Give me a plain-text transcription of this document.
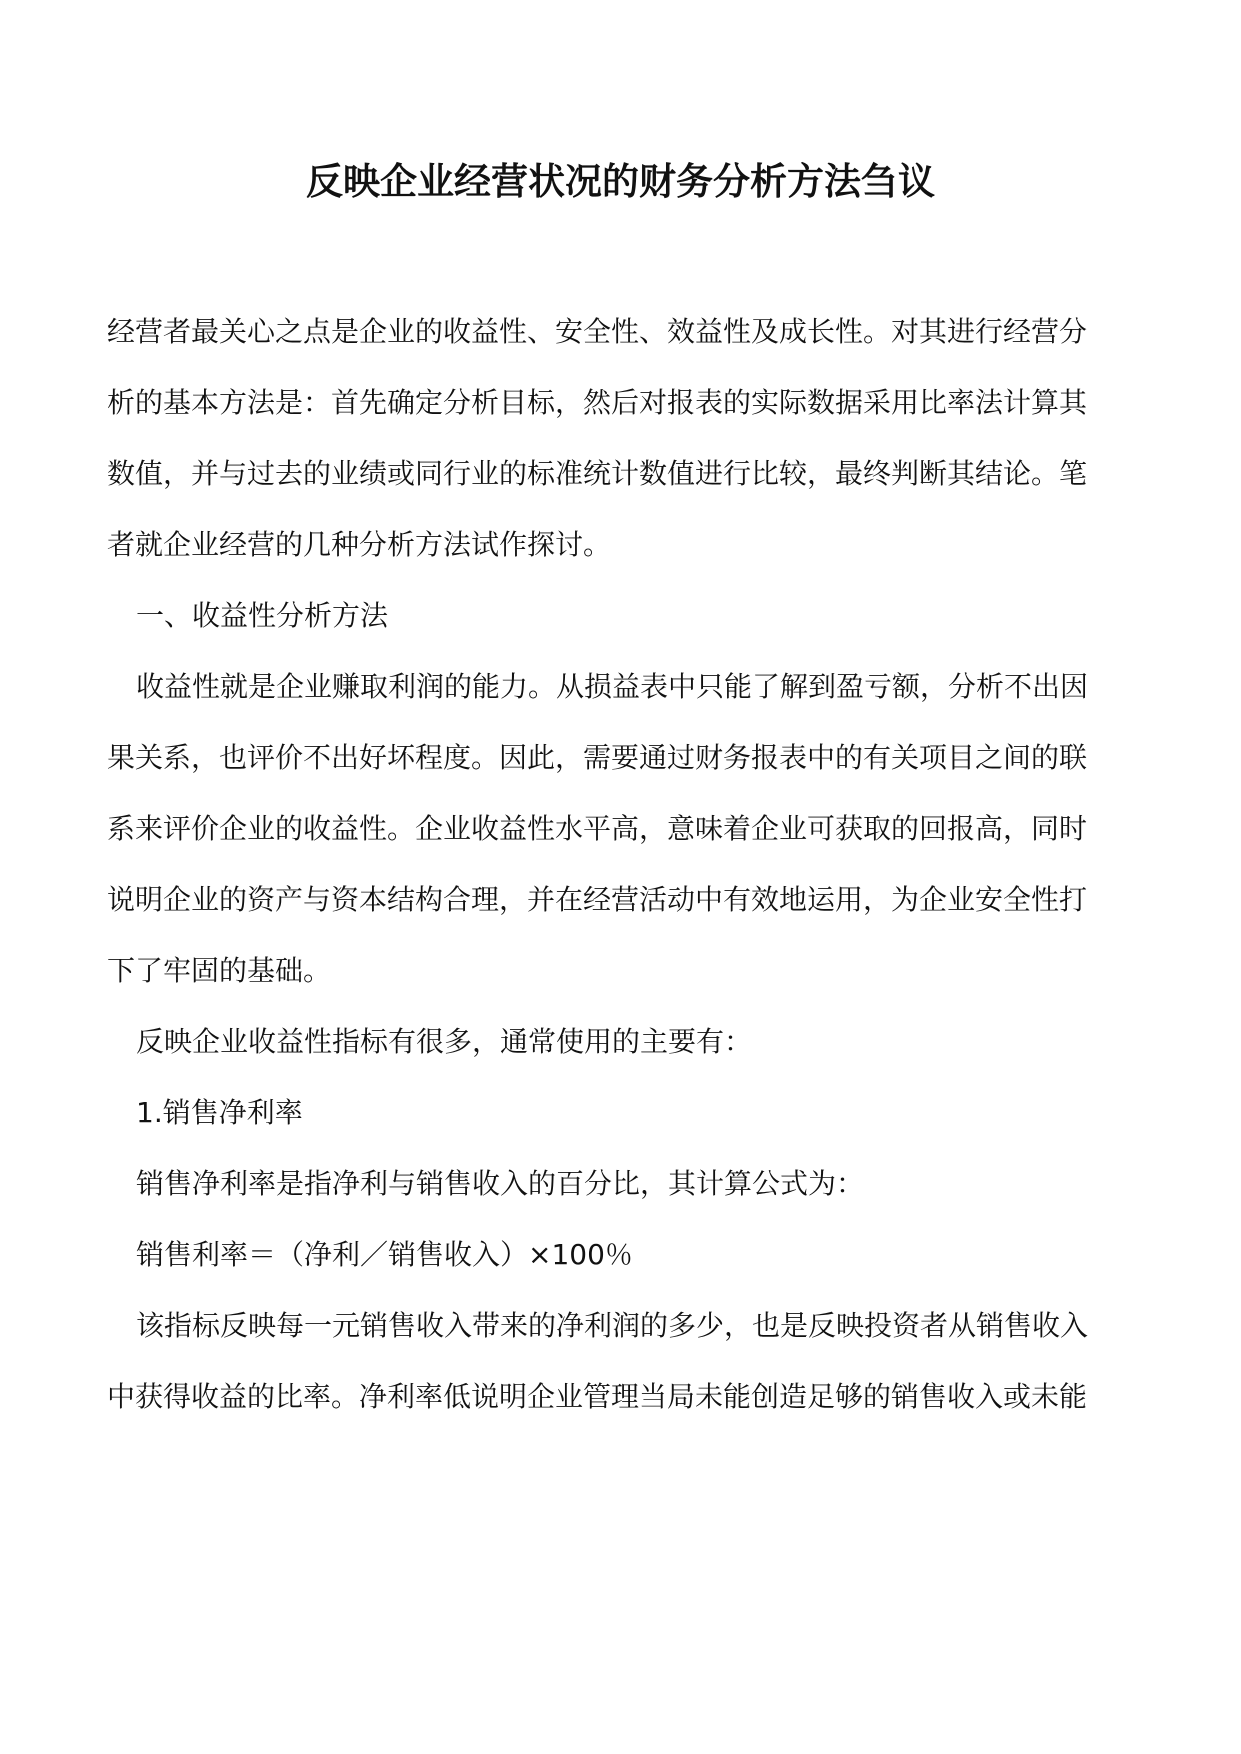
反映企业经营状况的财务分析方法刍议
经营者最关心之点是企业的收益性、安全性、效益性及成长性。对其进行经营分
析的基本方法是：首先确定分析目标，然后对报表的实际数据采用比率法计算其
数值，并与过去的业绩或同行业的标准统计数值进行比较，最终判断其结论。笔
者就企业经营的几种分析方法试作探讨。
一、收益性分析方法
收益性就是企业赚取利润的能力。从损益表中只能了解到盈亏额，分析不出因
果关系，也评价不出好坏程度。因此，需要通过财务报表中的有关项目之间的联
系来评价企业的收益性。企业收益性水平高，意味着企业可获取的回报高，同时
说明企业的资产与资本结构合理，并在经营活动中有效地运用，为企业安全性打
下了牢固的基础。
反映企业收益性指标有很多，通常使用的主要有：
1.销售净利率
销售净利率是指净利与销售收入的百分比，其计算公式为：
销售利率＝（净利／销售收入）×100％
该指标反映每一元销售收入带来的净利润的多少，也是反映投资者从销售收入
中获得收益的比率。净利率低说明企业管理当局未能创造足够的销售收入或未能
